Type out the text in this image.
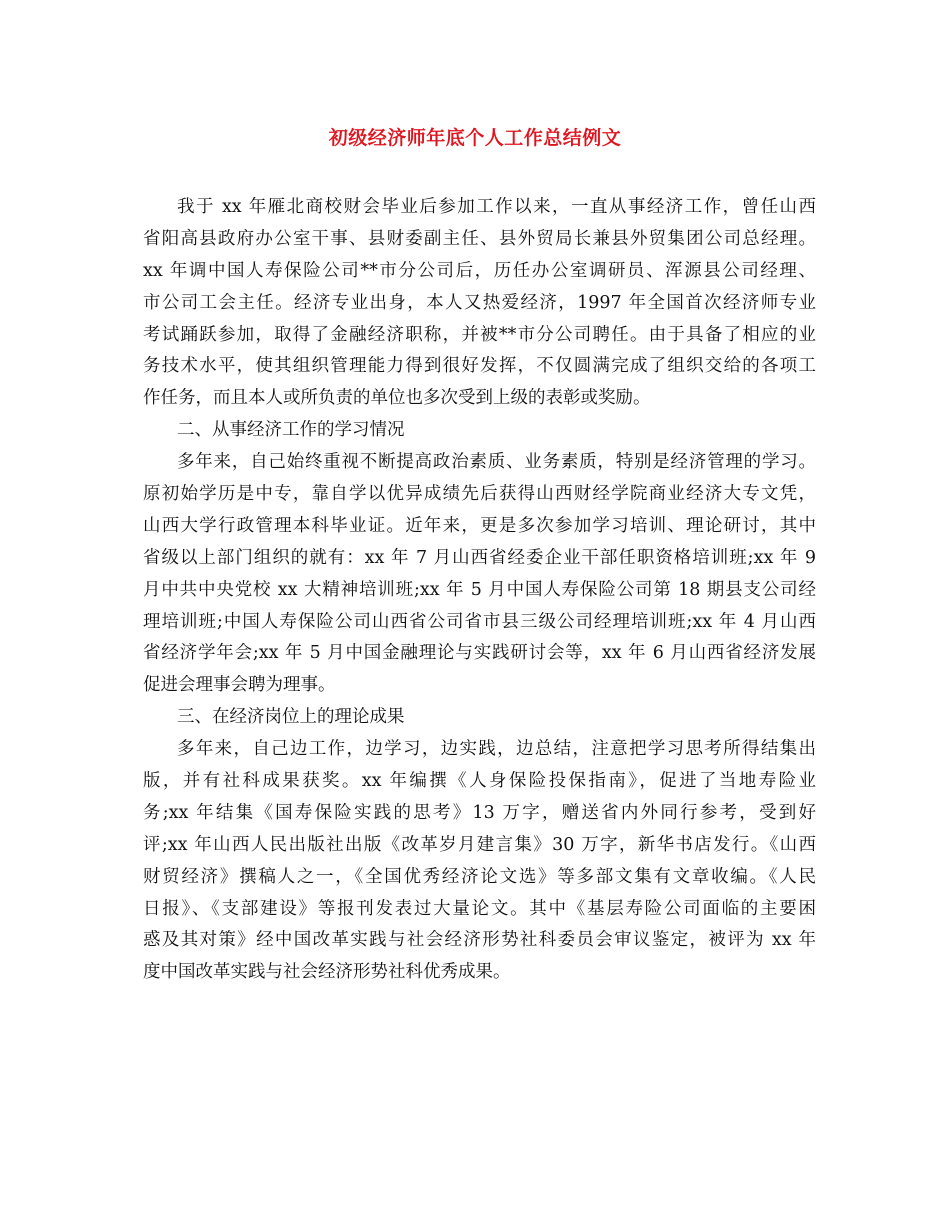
初级经济师年底个人工作总结例文
我于 xx 年雁北商校财会毕业后参加工作以来，一直从事经济工作，曾任山西
省阳高县政府办公室干事、县财委副主任、县外贸局长兼县外贸集团公司总经理。
xx 年调中国人寿保险公司**市分公司后，历任办公室调研员、浑源县公司经理、
市公司工会主任。经济专业出身，本人又热爱经济，1997 年全国首次经济师专业
考试踊跃参加，取得了金融经济职称，并被**市分公司聘任。由于具备了相应的业
务技术水平，使其组织管理能力得到很好发挥，不仅圆满完成了组织交给的各项工
作任务，而且本人或所负责的单位也多次受到上级的表彰或奖励。
二、从事经济工作的学习情况
多年来，自己始终重视不断提高政治素质、业务素质，特别是经济管理的学习。
原初始学历是中专，靠自学以优异成绩先后获得山西财经学院商业经济大专文凭，
山西大学行政管理本科毕业证。近年来，更是多次参加学习培训、理论研讨，其中
省级以上部门组织的就有：xx 年 7 月山西省经委企业干部任职资格培训班;xx 年 9
月中共中央党校 xx 大精神培训班;xx 年 5 月中国人寿保险公司第 18 期县支公司经
理培训班;中国人寿保险公司山西省公司省市县三级公司经理培训班;xx 年 4 月山西
省经济学年会;xx 年 5 月中国金融理论与实践研讨会等，xx 年 6 月山西省经济发展
促进会理事会聘为理事。
三、在经济岗位上的理论成果
多年来，自己边工作，边学习，边实践，边总结，注意把学习思考所得结集出
版，并有社科成果获奖。xx 年编撰《人身保险投保指南》，促进了当地寿险业
务;xx 年结集《国寿保险实践的思考》13 万字，赠送省内外同行参考，受到好
评;xx 年山西人民出版社出版《改革岁月建言集》30 万字，新华书店发行。《山西
财贸经济》撰稿人之一，《全国优秀经济论文选》等多部文集有文章收编。《人民
日报》、《支部建设》等报刊发表过大量论文。其中《基层寿险公司面临的主要困
惑及其对策》经中国改革实践与社会经济形势社科委员会审议鉴定，被评为 xx 年
度中国改革实践与社会经济形势社科优秀成果。
